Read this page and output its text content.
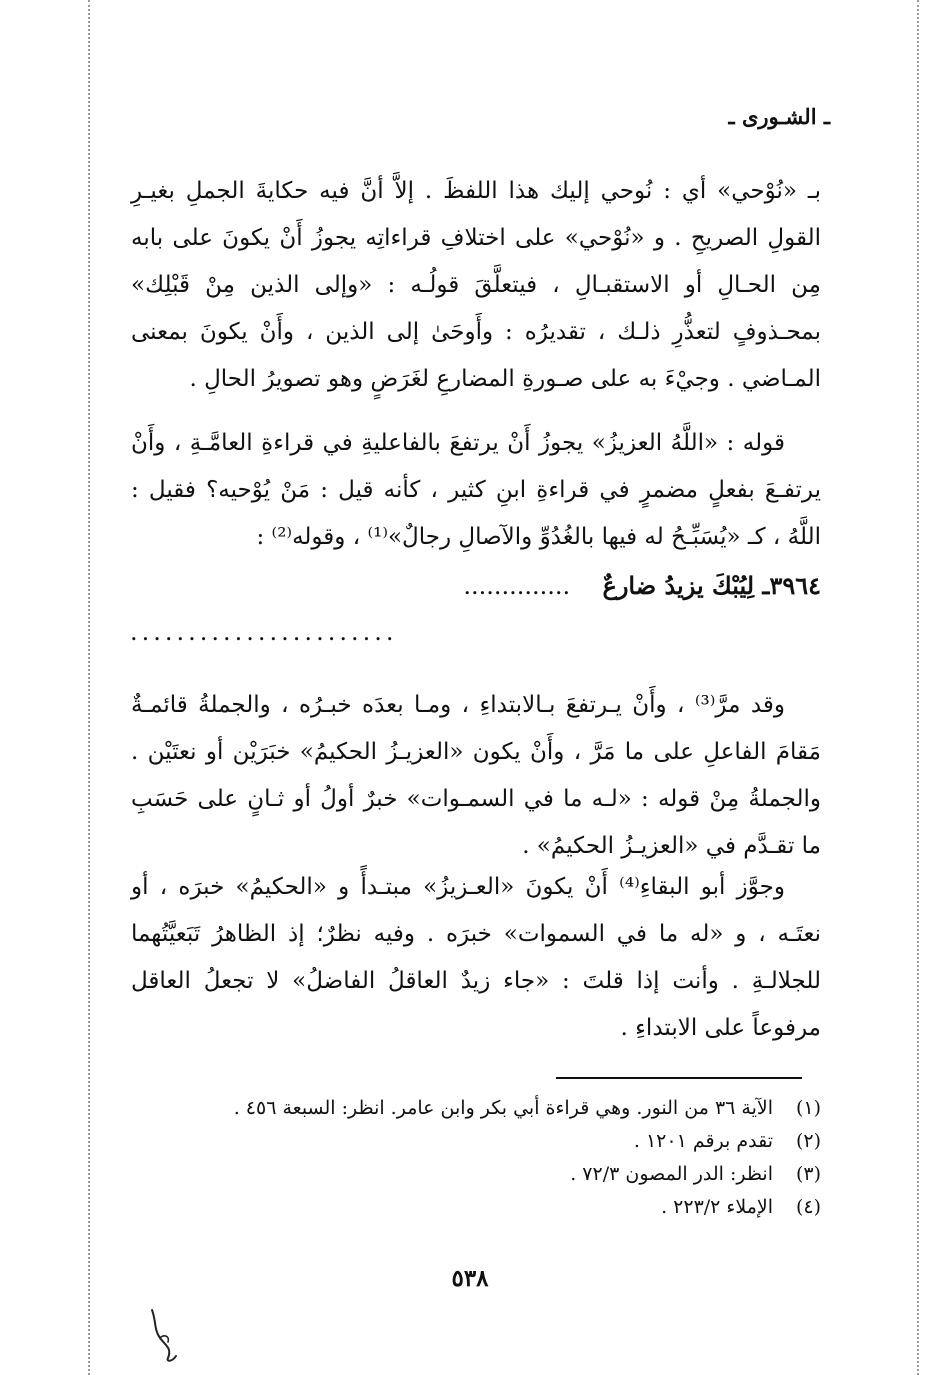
ـ الشـورى ـ
بـ «نُوْحي» أي : نُوحي إليك هذا اللفظَ . إلاَّ أنَّ فيه حكايةَ الجملِ بغيـرِ القولِ الصريحِ . و «نُوْحي» على اختلافِ قراءاتِه يجوزُ أَنْ يكونَ على بابه مِن الحـالِ أو الاستقبـالِ ، فيتعلَّقَ قولُـه : «وإلى الذين مِنْ قَبْلِك» بمحـذوفٍ لتعذُّرِ ذلـك ، تقديرُه : وأَوحَىٰ إلى الذين ، وأَنْ يكونَ بمعنى المـاضي . وجيْءَ به على صـورةِ المضارعِ لغَرَضٍ وهو تصويرُ الحالِ .
قوله : «اللَّهُ العزيزُ» يجوزُ أَنْ يرتفعَ بالفاعليةِ في قراءةِ العامَّـةِ ، وأَنْ يرتفـعَ بفعلٍ مضمرٍ في قراءةِ ابنِ كثير ، كأنه قيل : مَنْ يُوْحيه؟ فقيل : اللَّهُ ، كـ «يُسَبِّـحُ له فيها بالغُدُوِّ والآصالِ رجالٌ»⁽¹⁾ ، وقوله⁽²⁾ :
٣٩٦٤ـ لِيُبْكَ يزيدُ ضارعٌ ..............
.......................
وقد مرَّ⁽³⁾ ، وأَنْ يـرتفعَ بـالابتداءِ ، ومـا بعدَه خبـرُه ، والجملةُ قائمـةٌ مَقامَ الفاعلِ على ما مَرَّ ، وأَنْ يكون «العزيـزُ الحكيمُ» خبَرَيْن أو نعتَيْن . والجملةُ مِنْ قوله : «لـه ما في السمـوات» خبرٌ أولُ أو ثـانٍ على حَسَبِ ما تقـدَّم في «العزيـزُ الحكيمُ» .
وجوَّز أبو البقاءِ⁽⁴⁾ أَنْ يكونَ «العـزيزُ» مبتـدأً و «الحكيمُ» خبرَه ، أو نعتَـه ، و «له ما في السموات» خبرَه . وفيه نظرٌ؛ إذ الظاهرُ تَبَعيَّتُهما للجلالـةِ . وأنت إذا قلتَ : «جاء زيدٌ العاقلُ الفاضلُ» لا تجعلُ العاقل مرفوعاً على الابتداءِ .
(١)الآية ٣٦ من النور. وهي قراءة أبي بكر وابن عامر. انظر: السبعة ٤٥٦ .
(٢)تقدم برقم ١٢٠١ .
(٣)انظر: الدر المصون ٧٢/٣ .
(٤)الإملاء ٢٢٣/٢ .
٥٣٨
